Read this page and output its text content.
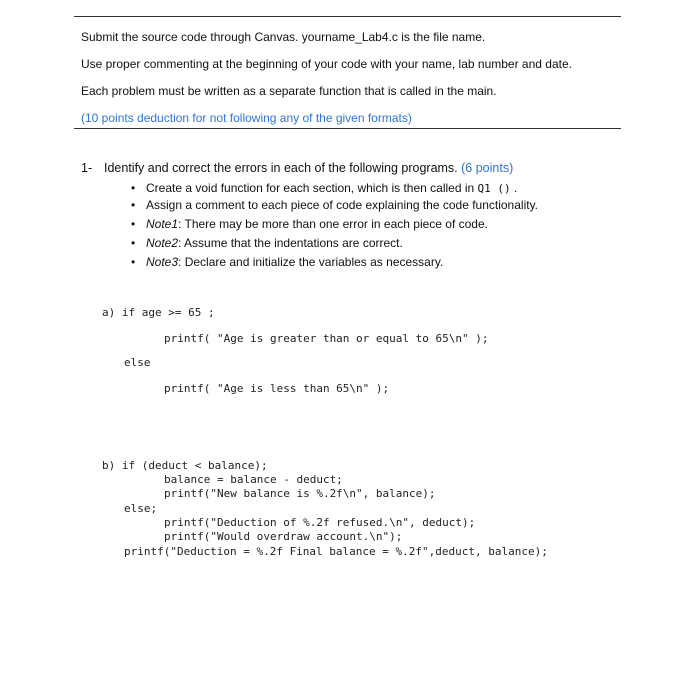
Submit the source code through Canvas. yourname_Lab4.c is the file name.
Use proper commenting at the beginning of your code with your name, lab number and date.
Each problem must be written as a separate function that is called in the main.
(10 points deduction for not following any of the given formats)
1- Identify and correct the errors in each of the following programs. (6 points)
• Create a void function for each section, which is then called in Q1 () .
• Assign a comment to each piece of code explaining the code functionality.
• Note1: There may be more than one error in each piece of code.
• Note2: Assume that the indentations are correct.
• Note3: Declare and initialize the variables as necessary.
a) if age >= 65 ;
printf( "Age is greater than or equal to 65\n" );
else
printf( "Age is less than 65\n" );
b) if (deduct < balance);
balance = balance - deduct;
printf("New balance is %.2f\n", balance);
else;
printf("Deduction of %.2f refused.\n", deduct);
printf("Would overdraw account.\n");
printf("Deduction = %.2f Final balance = %.2f",deduct, balance);
